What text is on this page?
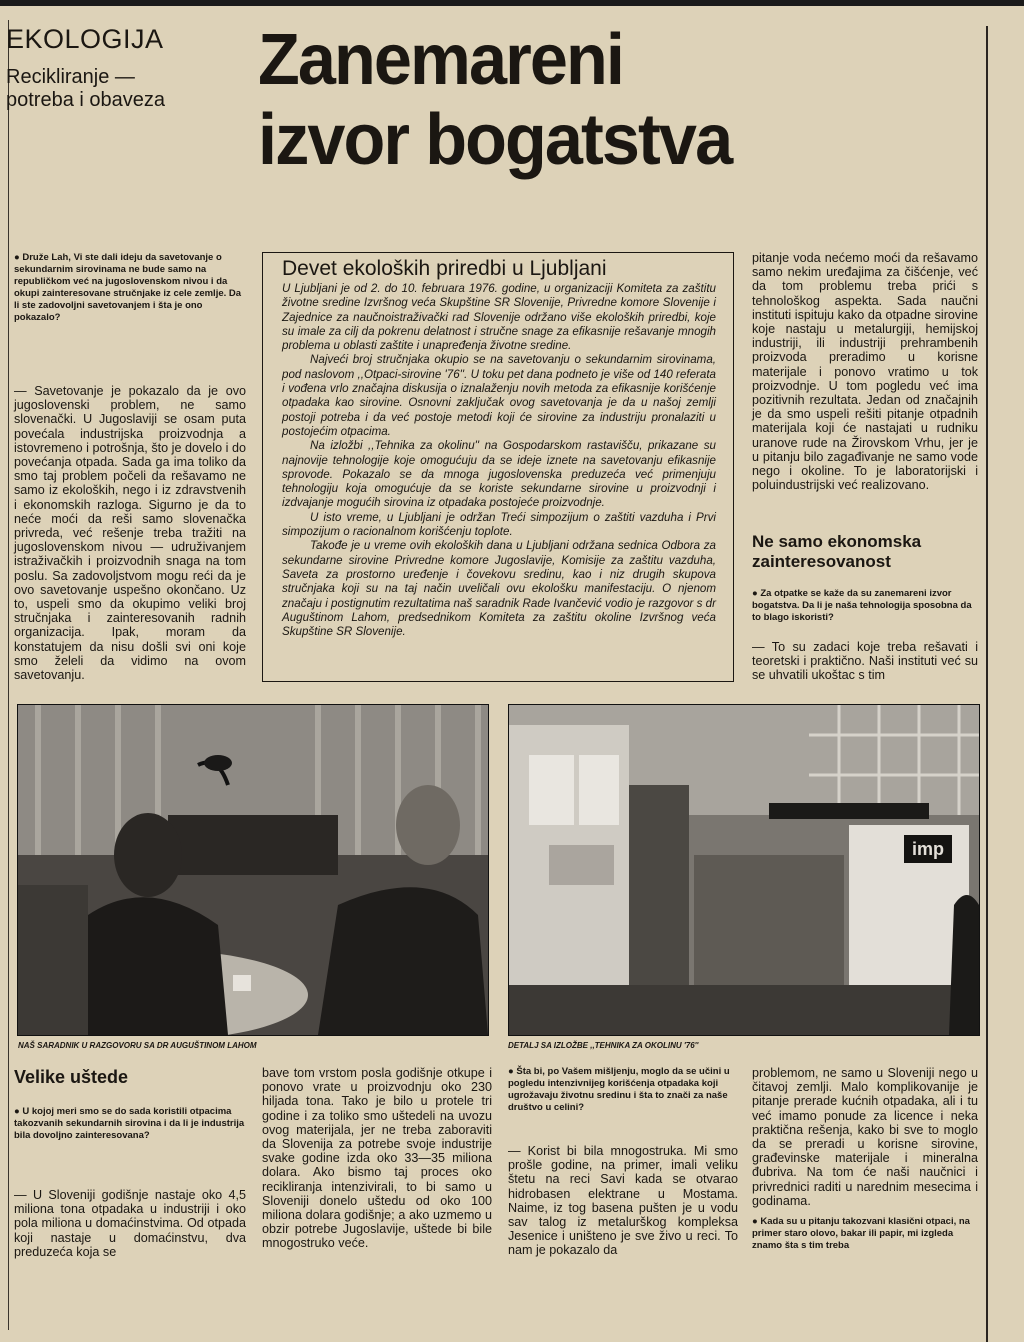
EKOLOGIJA
Recikliranje —
potreba i obaveza Zanemareni
izvor bogatstva
● Druže Lah, Vi ste dali ideju da savetovanje o sekundarnim sirovinama ne bude samo na republičkom već na jugoslovenskom nivou i da okupi zainteresovane stručnjake iz cele zemlje. Da li ste zadovoljni savetovanjem i šta je ono pokazalo?
— Savetovanje je pokazalo da je ovo jugoslovenski problem, ne samo slovenački. U Jugoslaviji se osam puta povećala industrijska proizvodnja a istovremeno i potrošnja, što je dovelo i do povećanja otpada. Sada ga ima toliko da smo taj problem počeli da rešavamo ne samo iz ekoloških, nego i iz zdravstvenih i ekonomskih razloga. Sigurno je da to neće moći da reši samo slovenačka privreda, već rešenje treba tražiti na jugoslovenskom nivou — udruživanjem istraživačkih i proizvodnih snaga na tom poslu. Sa zadovoljstvom mogu reći da je ovo savetovanje uspešno okončano. Uz to, uspeli smo da okupimo veliki broj stručnjaka i zainteresovanih radnih organizacija. Ipak, moram da konstatujem da nisu došli svi oni koje smo želeli da vidimo na ovom savetovanju.
Devet ekoloških priredbi u Ljubljani

U Ljubljani je od 2. do 10. februara 1976. godine, u organizaciji Komiteta za zaštitu životne sredine Izvršnog veća Skupštine SR Slovenije, Privredne komore Slovenije i Zajednice za naučnoistraživački rad Slovenije održano više ekoloških priredbi, koje su imale za cilj da pokrenu delatnost i stručne snage za efikasnije rešavanje mnogih problema u oblasti zaštite i unapređenja životne sredine.

Najveći broj stručnjaka okupio se na savetovanju o sekundarnim sirovinama, pod naslovom ,,Otpaci-sirovine '76''. U toku pet dana podneto je više od 140 referata i vođena vrlo značajna diskusija o iznalaženju novih metoda za efikasnije korišćenje otpadaka kao sirovine. Osnovni zaključak ovog savetovanja je da u našoj zemlji postoji potreba i da već postoje metodi koji će sirovine za industriju pronalaziti u postojećim otpacima.

Na izložbi ,,Tehnika za okolinu'' na Gospodarskom rastavišču, prikazane su najnovije tehnologije koje omogućuju da se ideje iznete na savetovanju efikasnije sprovode. Pokazalo se da mnoga jugoslovenska preduzeća već primenjuju tehnologiju koja omogućuje da se koriste sekundarne sirovine u proizvodnji i izdvajanje mogućih sirovina iz otpadaka postojeće proizvodnje.

U isto vreme, u Ljubljani je održan Treći simpozijum o zaštiti vazduha i Prvi simpozijum o racionalnom korišćenju toplote.

Takođe je u vreme ovih ekoloških dana u Ljubljani održana sednica Odbora za sekundarne sirovine Privredne komore Jugoslavije, Komisije za zaštitu vazduha, Saveta za prostorno uređenje i čovekovu sredinu, kao i niz drugih skupova stručnjaka koji su na taj način uveličali ovu ekološku manifestaciju. O njenom značaju i postignutim rezultatima naš saradnik Rade Ivančević vodio je razgovor s dr Auguštinom Lahom, predsednikom Komiteta za zaštitu okoline Izvršnog veća Skupštine SR Slovenije.

pitanje voda nećemo moći da rešavamo samo nekim uređajima za čišćenje, već da tom problemu treba prići s tehnološkog aspekta. Sada naučni instituti ispituju kako da otpadne sirovine koje nastaju u metalurgiji, hemijskoj industriji, ili industriji prehrambenih proizvoda preradimo u korisne materijale i ponovo vratimo u tok proizvodnje. U tom pogledu već ima pozitivnih rezultata. Jedan od značajnih je da smo uspeli rešiti pitanje otpadnih materijala koji će nastajati u rudniku uranove rude na Žirovskom Vrhu, jer je u pitanju bilo zagađivanje ne samo vode nego i okoline. To je laboratorijski i poluindustrijski već realizovano.
Ne samo ekonomska zainteresovanost
● Za otpatke se kaže da su zanemareni izvor bogatstva. Da li je naša tehnologija sposobna da to blago iskoristi?
— To su zadaci koje treba rešavati i teoretski i praktično. Naši instituti već su se uhvatili ukoštac s tim
imp
NAŠ SARADNIK U RAZGOVORU SA DR AUGUŠTINOM LAHOM	DETALJ SA IZLOŽBE ,,TEHNIKA ZA OKOLINU '76''
Velike uštede
● U kojoj meri smo se do sada koristili otpacima takozvanih sekundarnih sirovina i da li je industrija bila dovoljno zainteresovana?
— U Sloveniji godišnje nastaje oko 4,5 miliona tona otpadaka u industriji i oko pola miliona u domaćinstvima. Od otpada koji nastaje u domaćinstvu, dva preduzeća koja se
bave tom vrstom posla godišnje otkupe i ponovo vrate u proizvodnju oko 230 hiljada tona. Tako je bilo u protele tri godine i za toliko smo uštedeli na uvozu ovog materijala, jer ne treba zaboraviti da Slovenija za potrebe svoje industrije svake godine izda oko 33—35 miliona dolara. Ako bismo taj proces oko recikliranja intenzivirali, to bi samo u Sloveniji donelo uštedu od oko 100 miliona dolara godišnje; a ako uzmemo u obzir potrebe Jugoslavije, uštede bi bile mnogostruko veće.
● Šta bi, po Vašem mišljenju, moglo da se učini u pogledu intenzivnijeg korišćenja otpadaka koji ugrožavaju životnu sredinu i šta to znači za naše društvo u celini?
— Korist bi bila mnogostruka. Mi smo prošle godine, na primer, imali veliku štetu na reci Savi kada se otvarao hidrobasen elektrane u Mostama. Naime, iz tog basena pušten je u vodu sav talog iz metalurškog kompleksa Jesenice i uništeno je sve živo u reci. To nam je pokazalo da
problemom, ne samo u Sloveniji nego u čitavoj zemlji. Malo komplikovanije je pitanje prerade kućnih otpadaka, ali i tu već imamo ponude za licence i neka praktična rešenja, kako bi sve to moglo da se preradi u korisne sirovine, građevinske materijale i mineralna đubriva. Na tom će naši naučnici i privrednici raditi u narednim mesecima i godinama.
● Kada su u pitanju takozvani klasični otpaci, na primer staro olovo, bakar ili papir, mi izgleda znamo šta s tim treba
